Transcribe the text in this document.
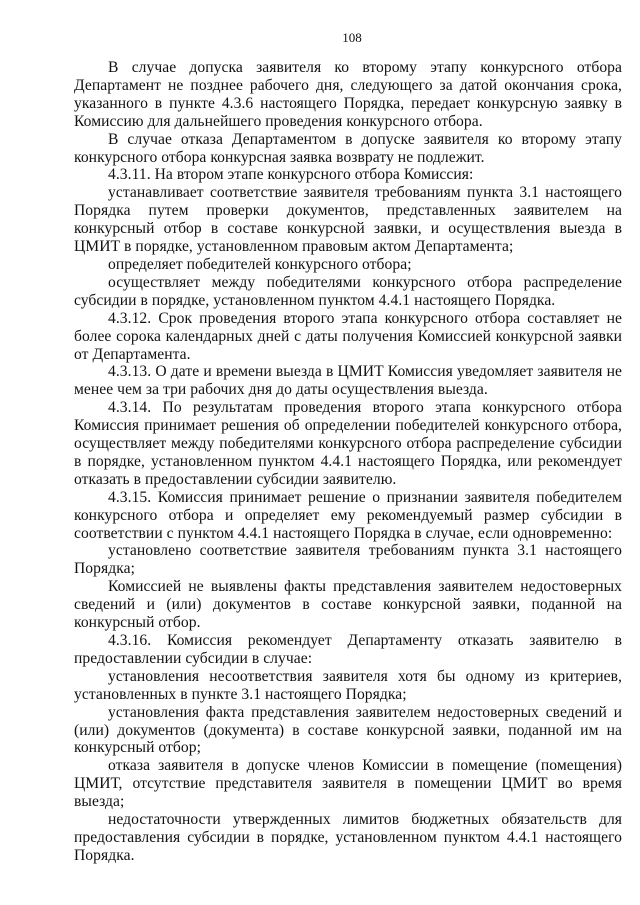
108

В случае допуска заявителя ко второму этапу конкурсного отбора Департамент не позднее рабочего дня, следующего за датой окончания срока, указанного в пункте 4.3.6 настоящего Порядка, передает конкурсную заявку в Комиссию для дальнейшего проведения конкурсного отбора.

В случае отказа Департаментом в допуске заявителя ко второму этапу конкурсного отбора конкурсная заявка возврату не подлежит.

4.3.11. На втором этапе конкурсного отбора Комиссия:

устанавливает соответствие заявителя требованиям пункта 3.1 настоящего Порядка путем проверки документов, представленных заявителем на конкурсный отбор в составе конкурсной заявки, и осуществления выезда в ЦМИТ в порядке, установленном правовым актом Департамента;

определяет победителей конкурсного отбора;

осуществляет между победителями конкурсного отбора распределение субсидии в порядке, установленном пунктом 4.4.1 настоящего Порядка.

4.3.12. Срок проведения второго этапа конкурсного отбора составляет не более сорока календарных дней с даты получения Комиссией конкурсной заявки от Департамента.

4.3.13. О дате и времени выезда в ЦМИТ Комиссия уведомляет заявителя не менее чем за три рабочих дня до даты осуществления выезда.

4.3.14. По результатам проведения второго этапа конкурсного отбора Комиссия принимает решения об определении победителей конкурсного отбора, осуществляет между победителями конкурсного отбора распределение субсидии в порядке, установленном пунктом 4.4.1 настоящего Порядка, или рекомендует отказать в предоставлении субсидии заявителю.

4.3.15. Комиссия принимает решение о признании заявителя победителем конкурсного отбора и определяет ему рекомендуемый размер субсидии в соответствии с пунктом 4.4.1 настоящего Порядка в случае, если одновременно:

установлено соответствие заявителя требованиям пункта 3.1 настоящего Порядка;

Комиссией не выявлены факты представления заявителем недостоверных сведений и (или) документов в составе конкурсной заявки, поданной на конкурсный отбор.

4.3.16. Комиссия рекомендует Департаменту отказать заявителю в предоставлении субсидии в случае:

установления несоответствия заявителя хотя бы одному из критериев, установленных в пункте 3.1 настоящего Порядка;

установления факта представления заявителем недостоверных сведений и (или) документов (документа) в составе конкурсной заявки, поданной им на конкурсный отбор;

отказа заявителя в допуске членов Комиссии в помещение (помещения) ЦМИТ, отсутствие представителя заявителя в помещении ЦМИТ во время выезда;

недостаточности утвержденных лимитов бюджетных обязательств для предоставления субсидии в порядке, установленном пунктом 4.4.1 настоящего Порядка.
